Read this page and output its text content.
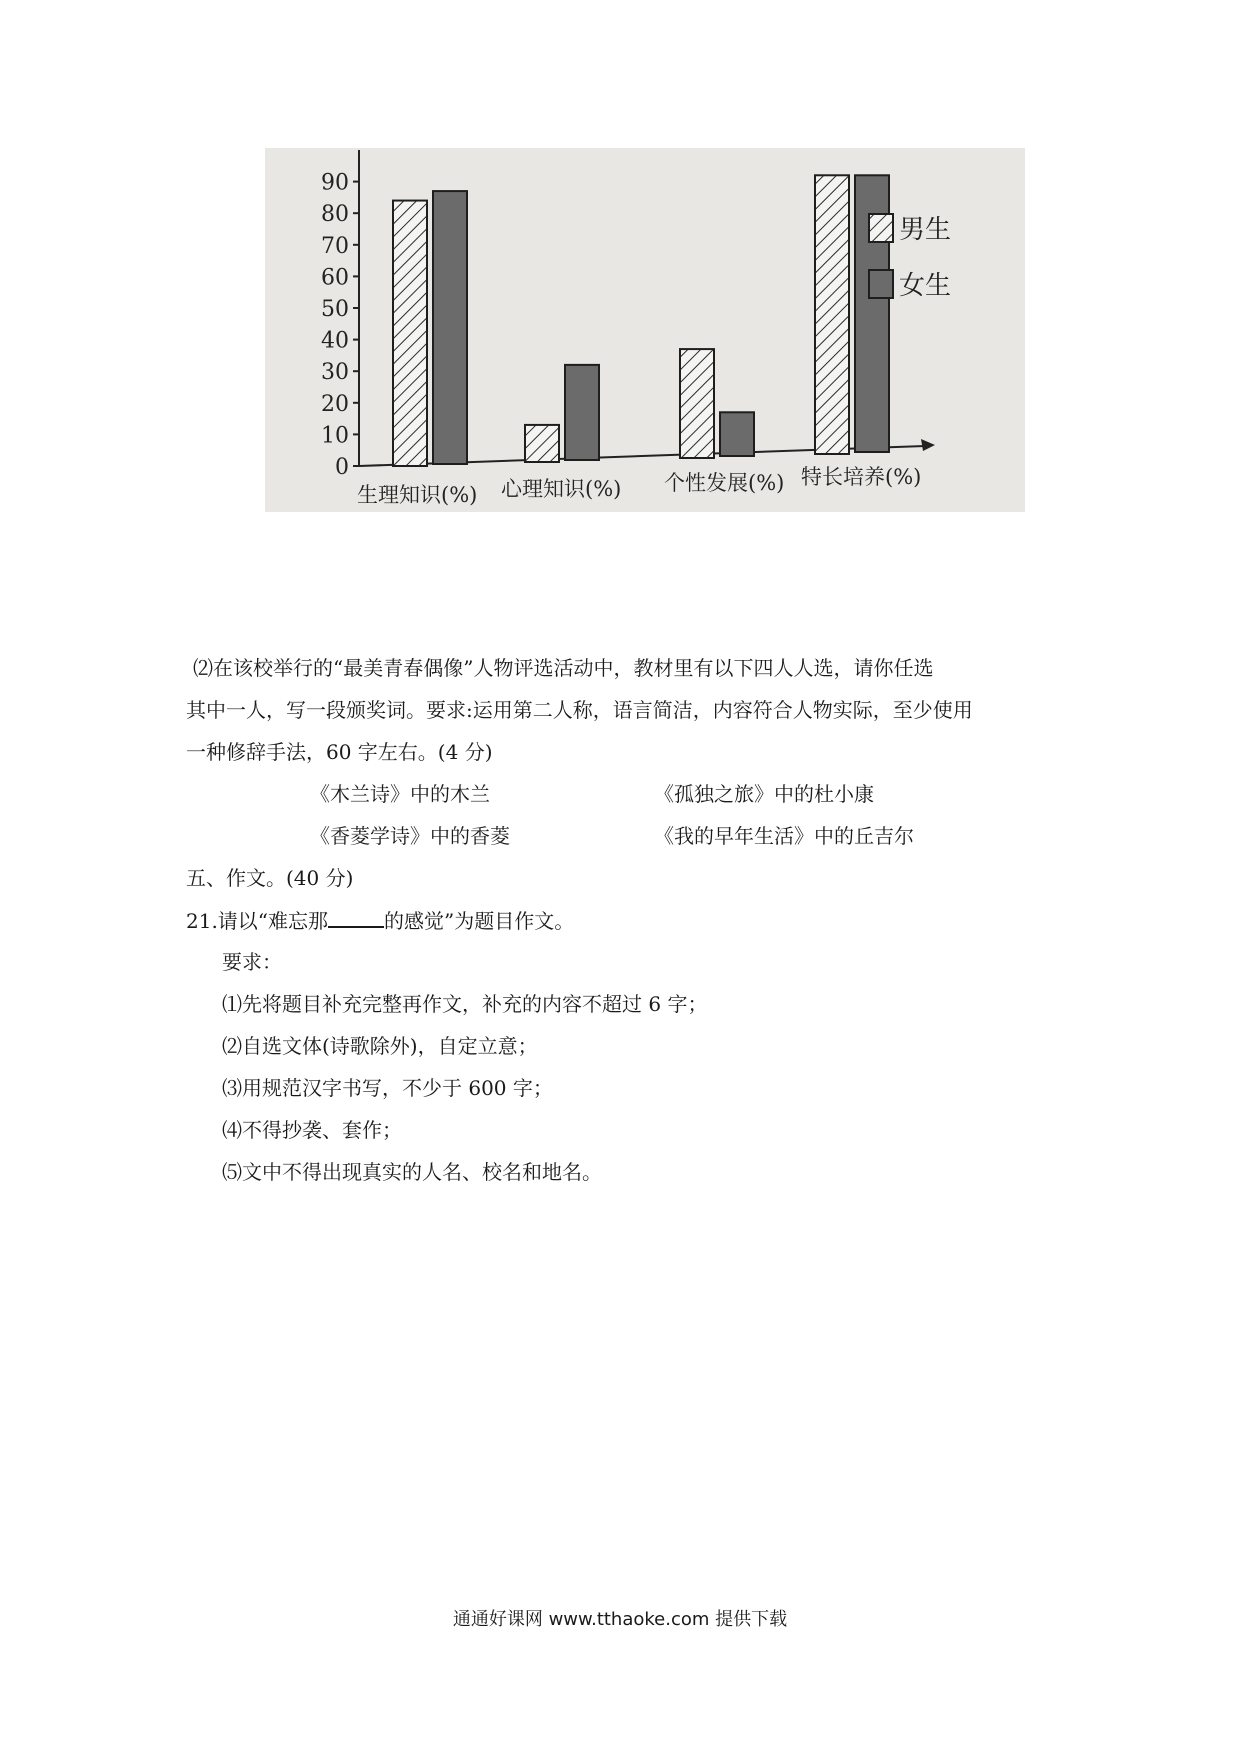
0
10
20
30
40
50
60
70
80
90
生理知识(%) 心理知识(%) 个性发展(%) 特长培养(%)
男生
女生
⑵在该校举行的“最美青春偶像”人物评选活动中，教材里有以下四人人选，请你任选
其中一人，写一段颁奖词。要求:运用第二人称，语言简洁，内容符合人物实际，至少使用
一种修辞手法，60 字左右。(4 分)
《木兰诗》中的木兰	《孤独之旅》中的杜小康
《香菱学诗》中的香菱	《我的早年生活》中的丘吉尔
五、作文。(40 分)
21.请以“难忘那	的感觉”为题目作文。
要求：
⑴先将题目补充完整再作文，补充的内容不超过 6 字；
⑵自选文体(诗歌除外)，自定立意；
⑶用规范汉字书写，不少于 600 字；
⑷不得抄袭、套作；
⑸文中不得出现真实的人名、校名和地名。
通通好课网 www.tthaoke.com 提供下载
